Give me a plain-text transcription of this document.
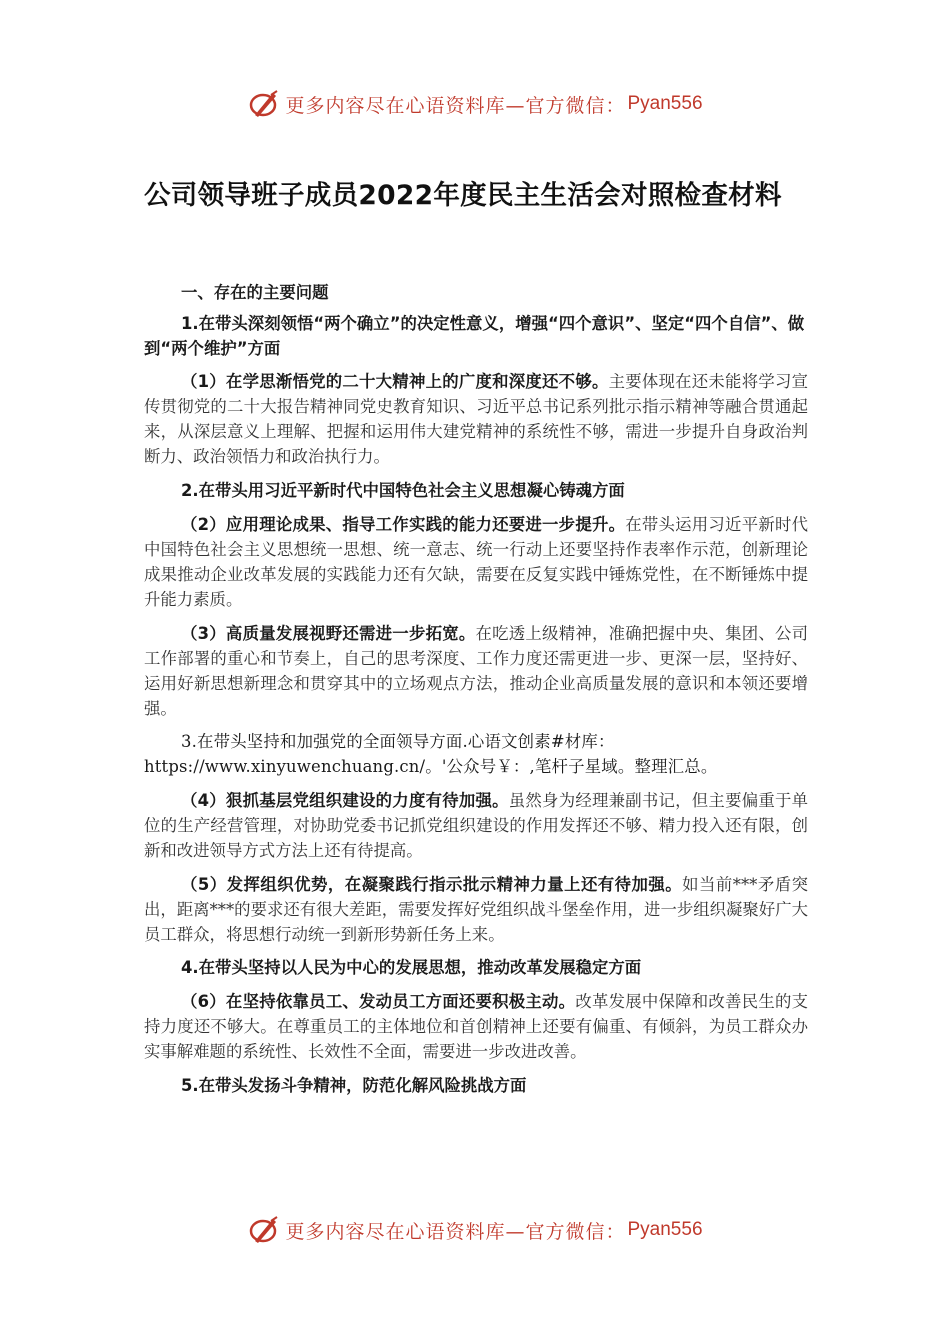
更多内容尽在心语资料库—官方微信： Pyan556
公司领导班子成员2022年度民主生活会对照检查材料

一、存在的主要问题

1.在带头深刻领悟“两个确立”的决定性意义，增强“四个意识”、坚定“四个自信”、做到“两个维护”方面

（1）在学思渐悟党的二十大精神上的广度和深度还不够。主要体现在还未能将学习宣传贯彻党的二十大报告精神同党史教育知识、习近平总书记系列批示指示精神等融合贯通起来，从深层意义上理解、把握和运用伟大建党精神的系统性不够，需进一步提升自身政治判断力、政治领悟力和政治执行力。

2.在带头用习近平新时代中国特色社会主义思想凝心铸魂方面

（2）应用理论成果、指导工作实践的能力还要进一步提升。在带头运用习近平新时代中国特色社会主义思想统一思想、统一意志、统一行动上还要坚持作表率作示范，创新理论成果推动企业改革发展的实践能力还有欠缺，需要在反复实践中锤炼党性，在不断锤炼中提升能力素质。

（3）高质量发展视野还需进一步拓宽。在吃透上级精神，准确把握中央、集团、公司工作部署的重心和节奏上，自己的思考深度、工作力度还需更进一步、更深一层，坚持好、运用好新思想新理念和贯穿其中的立场观点方法，推动企业高质量发展的意识和本领还要增强。

3.在带头坚持和加强党的全面领导方面.心语文创素#材库：https://www.xinyuwenchuang.cn/。'公众号￥：,笔杆子星域。整理汇总。

（4）狠抓基层党组织建设的力度有待加强。虽然身为经理兼副书记，但主要偏重于单位的生产经营管理，对协助党委书记抓党组织建设的作用发挥还不够、精力投入还有限，创新和改进领导方式方法上还有待提高。

（5）发挥组织优势，在凝聚践行指示批示精神力量上还有待加强。如当前***矛盾突出，距离***的要求还有很大差距，需要发挥好党组织战斗堡垒作用，进一步组织凝聚好广大员工群众，将思想行动统一到新形势新任务上来。

4.在带头坚持以人民为中心的发展思想，推动改革发展稳定方面

（6）在坚持依靠员工、发动员工方面还要积极主动。改革发展中保障和改善民生的支持力度还不够大。在尊重员工的主体地位和首创精神上还要有偏重、有倾斜，为员工群众办实事解难题的系统性、长效性不全面，需要进一步改进改善。

5.在带头发扬斗争精神，防范化解风险挑战方面

更多内容尽在心语资料库—官方微信： Pyan556
